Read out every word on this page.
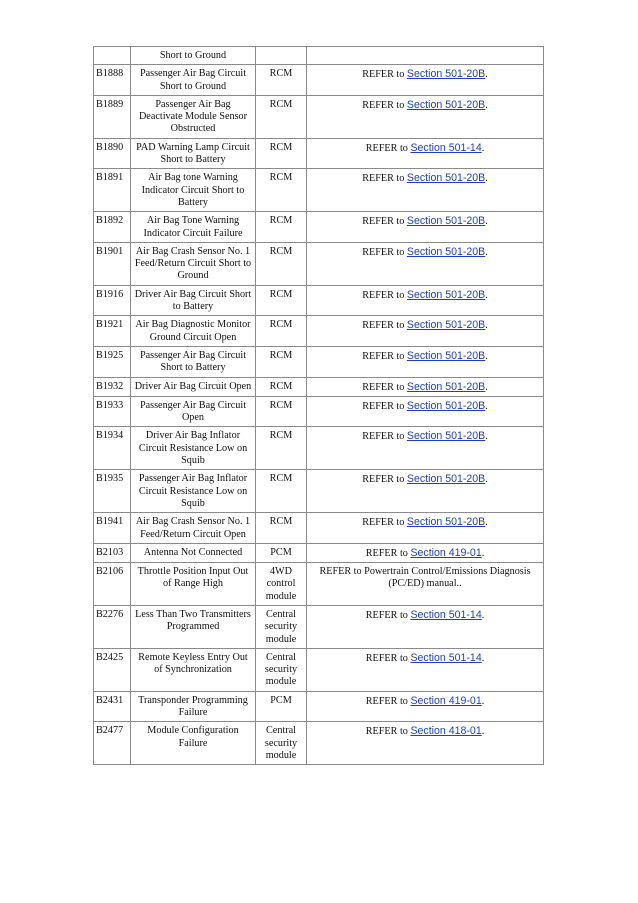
	Short to Ground		
B1888	Passenger Air Bag Circuit Short to Ground	RCM	REFER to Section 501-20B.
B1889	Passenger Air Bag Deactivate Module Sensor Obstructed	RCM	REFER to Section 501-20B.
B1890	PAD Warning Lamp Circuit Short to Battery	RCM	REFER to Section 501-14.
B1891	Air Bag tone Warning Indicator Circuit Short to Battery	RCM	REFER to Section 501-20B.
B1892	Air Bag Tone Warning Indicator Circuit Failure	RCM	REFER to Section 501-20B.
B1901	Air Bag Crash Sensor No. 1 Feed/Return Circuit Short to Ground	RCM	REFER to Section 501-20B.
B1916	Driver Air Bag Circuit Short to Battery	RCM	REFER to Section 501-20B.
B1921	Air Bag Diagnostic Monitor Ground Circuit Open	RCM	REFER to Section 501-20B.
B1925	Passenger Air Bag Circuit Short to Battery	RCM	REFER to Section 501-20B.
B1932	Driver Air Bag Circuit Open	RCM	REFER to Section 501-20B.
B1933	Passenger Air Bag Circuit Open	RCM	REFER to Section 501-20B.
B1934	Driver Air Bag Inflator Circuit Resistance Low on Squib	RCM	REFER to Section 501-20B.
B1935	Passenger Air Bag Inflator Circuit Resistance Low on Squib	RCM	REFER to Section 501-20B.
B1941	Air Bag Crash Sensor No. 1 Feed/Return Circuit Open	RCM	REFER to Section 501-20B.
B2103	Antenna Not Connected	PCM	REFER to Section 419-01.
B2106	Throttle Position Input Out of Range High	4WD control module	REFER to Powertrain Control/Emissions Diagnosis (PC/ED) manual..
B2276	Less Than Two Transmitters Programmed	Central security module	REFER to Section 501-14.
B2425	Remote Keyless Entry Out of Synchronization	Central security module	REFER to Section 501-14.
B2431	Transponder Programming Failure	PCM	REFER to Section 419-01.
B2477	Module Configuration Failure	Central security module	REFER to Section 418-01.
